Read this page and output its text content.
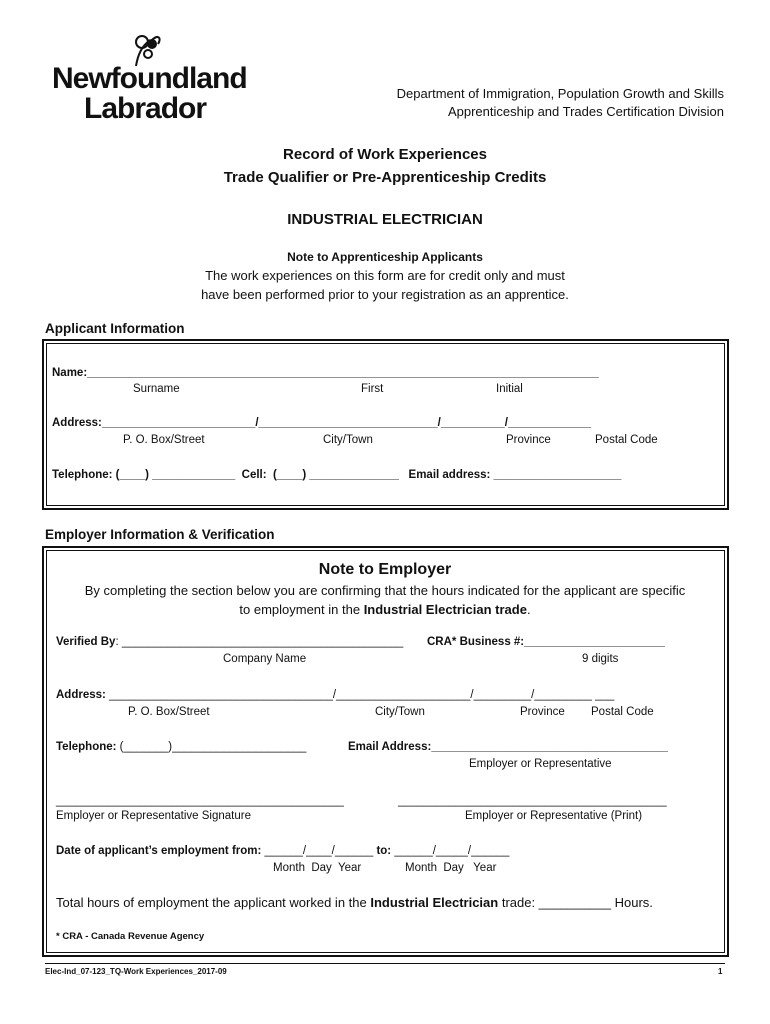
Newfoundland
Labrador	Department of Immigration, Population Growth and Skills
Apprenticeship and Trades Certification Division
Record of Work Experiences
Trade Qualifier or Pre-Apprenticeship Credits
INDUSTRIAL ELECTRICIAN
Note to Apprenticeship Applicants
The work experiences on this form are for credit only and must
have been performed prior to your registration as an apprentice.
Applicant Information
Name:________________________________________________________________________________
Surname	First	Initial
Address:________________________/____________________________/__________/_____________
P. O. Box/Street	City/Town	Province	Postal Code
Telephone: (____) _____________  Cell:  (____) ______________   Email address: ____________________
Employer Information & Verification
Note to Employer
By completing the section below you are confirming that the hours indicated for the applicant are specific
to employment in the Industrial Electrician trade.
Verified By: ____________________________________________ CRA* Business #:______________________
Company Name	9 digits
Address: ___________________________________/_____________________/_________/_________ ___
P. O. Box/Street	City/Town	Province Postal Code
Telephone: (_______)_____________________	Email Address:_____________________________________
Employer or Representative
_____________________________________________	__________________________________________
Employer or Representative Signature	Employer or Representative (Print)
Date of applicant’s employment from: ______/____/______ to: ______/_____/______
Month  Day  Year	Month  Day   Year
Total hours of employment the applicant worked in the Industrial Electrician trade: __________ Hours.
* CRA - Canada Revenue Agency
Elec-Ind_07-123_TQ-Work Experiences_2017-09	1
